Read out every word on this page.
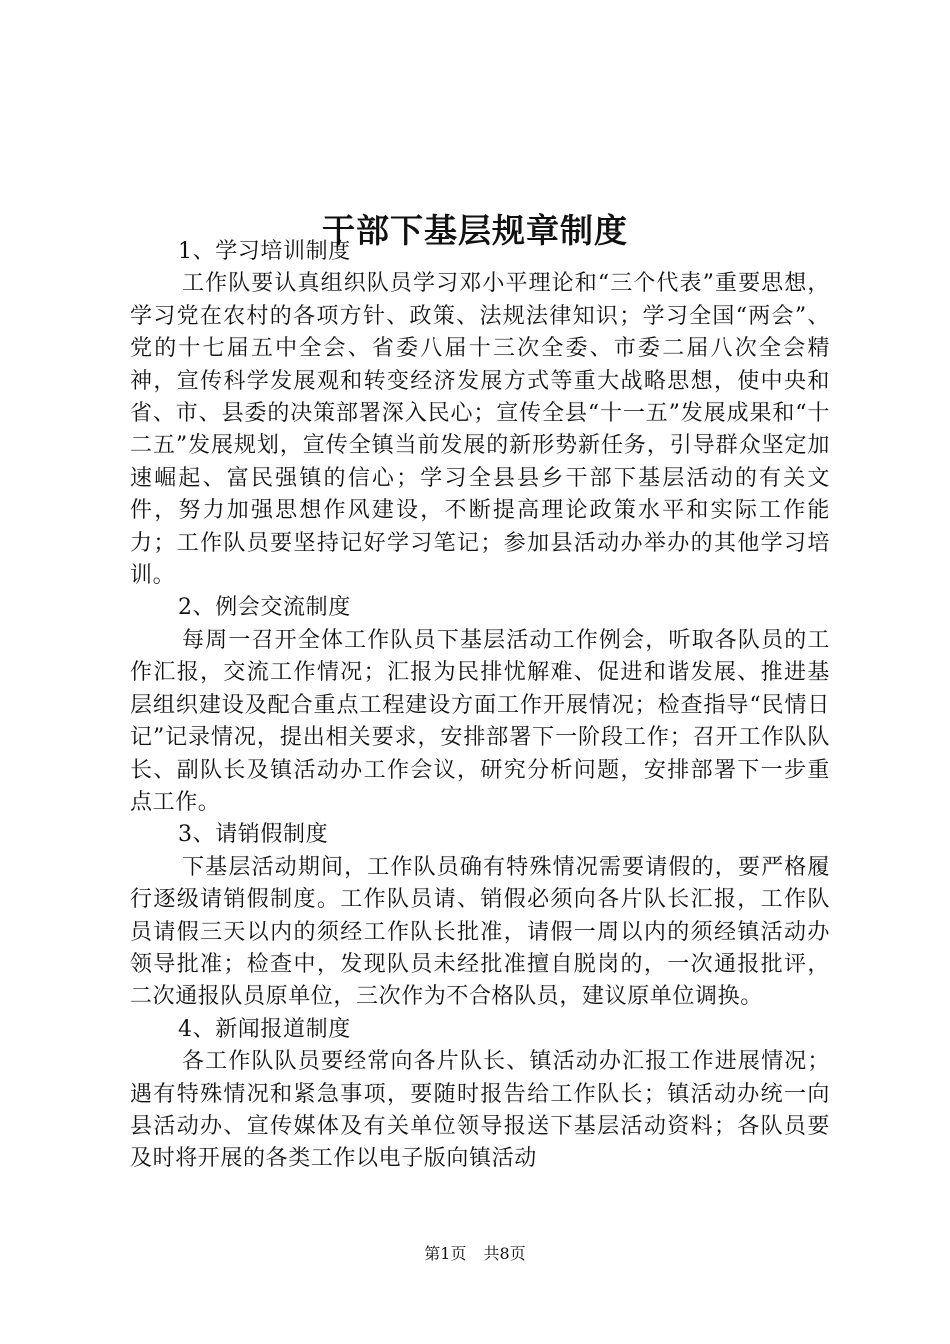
干部下基层规章制度

1、学习培训制度

工作队要认真组织队员学习邓小平理论和“三个代表”重要思想，学习党在农村的各项方针、政策、法规法律知识；学习全国“两会”、党的十七届五中全会、省委八届十三次全委、市委二届八次全会精神，宣传科学发展观和转变经济发展方式等重大战略思想，使中央和省、市、县委的决策部署深入民心；宣传全县“十一五”发展成果和“十二五”发展规划，宣传全镇当前发展的新形势新任务，引导群众坚定加速崛起、富民强镇的信心；学习全县县乡干部下基层活动的有关文件，努力加强思想作风建设，不断提高理论政策水平和实际工作能力；工作队员要坚持记好学习笔记；参加县活动办举办的其他学习培训。

2、例会交流制度

每周一召开全体工作队员下基层活动工作例会，听取各队员的工作汇报，交流工作情况；汇报为民排忧解难、促进和谐发展、推进基层组织建设及配合重点工程建设方面工作开展情况；检查指导“民情日记”记录情况，提出相关要求，安排部署下一阶段工作；召开工作队队长、副队长及镇活动办工作会议，研究分析问题，安排部署下一步重点工作。

3、请销假制度

下基层活动期间，工作队员确有特殊情况需要请假的，要严格履行逐级请销假制度。工作队员请、销假必须向各片队长汇报，工作队员请假三天以内的须经工作队长批准，请假一周以内的须经镇活动办领导批准；检查中，发现队员未经批准擅自脱岗的，一次通报批评，二次通报队员原单位，三次作为不合格队员，建议原单位调换。

4、新闻报道制度

各工作队队员要经常向各片队长、镇活动办汇报工作进展情况；遇有特殊情况和紧急事项，要随时报告给工作队长；镇活动办统一向县活动办、宣传媒体及有关单位领导报送下基层活动资料；各队员要及时将开展的各类工作以电子版向镇活动

第1页 共8页
